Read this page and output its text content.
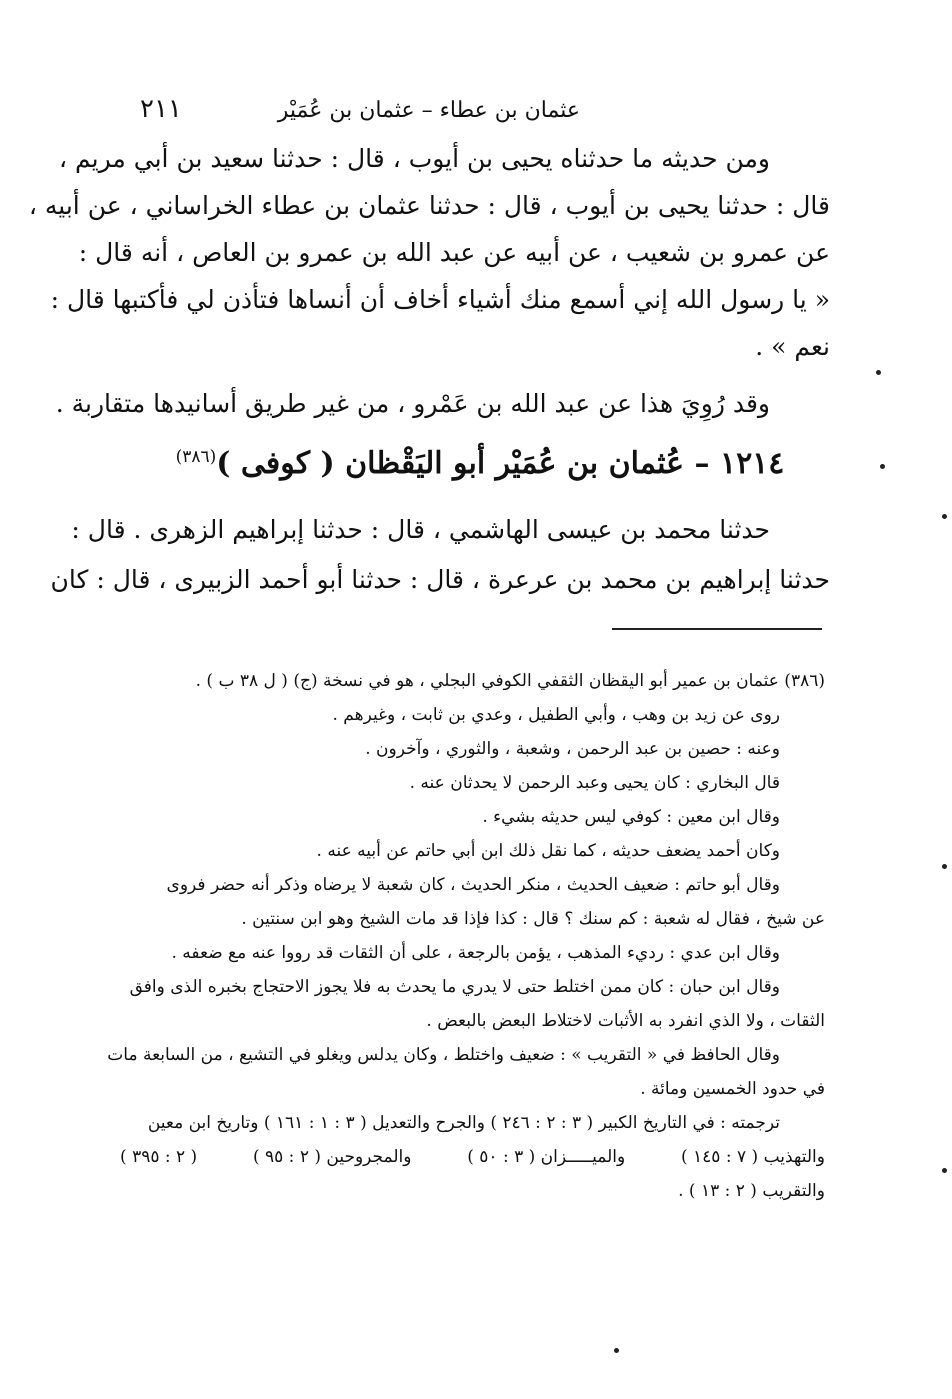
عثمان بن عطاء – عثمان بن عُمَيْر
٢١١
ومن حديثه ما حدثناه يحيى بن أيوب ، قال : حدثنا سعيد بن أبي مريم ،
قال : حدثنا يحيى بن أيوب ، قال : حدثنا عثمان بن عطاء الخراساني ، عن أبيه ،
عن عمرو بن شعيب ، عن أبيه عن عبد الله بن عمرو بن العاص ، أنه قال :
« يا رسول الله إني أسمع منك أشياء أخاف أن أنساها فتأذن لي فأكتبها قال :
نعم » .
وقد رُوِيَ هذا عن عبد الله بن عَمْرو ، من غير طريق أسانيدها متقاربة .
١٢١٤ – عُثمان بن عُمَيْر أبو اليَقْظان ( كوفى )$^{(٣٨٦)}$
حدثنا محمد بن عيسى الهاشمي ، قال : حدثنا إبراهيم الزهرى . قال :
حدثنا إبراهيم بن محمد بن عرعرة ، قال : حدثنا أبو أحمد الزبيرى ، قال : كان
(٣٨٦) عثمان بن عمير أبو اليقظان الثقفي الكوفي البجلي ، هو في نسخة (ج) ( ل ٣٨ ب ) .
روى عن زيد بن وهب ، وأبي الطفيل ، وعدي بن ثابت ، وغيرهم .
وعنه : حصين بن عبد الرحمن ، وشعبة ، والثوري ، وآخرون .
قال البخاري : كان يحيى وعبد الرحمن لا يحدثان عنه .
وقال ابن معين : كوفي ليس حديثه بشيء .
وكان أحمد يضعف حديثه ، كما نقل ذلك ابن أبي حاتم عن أبيه عنه .
وقال أبو حاتم : ضعيف الحديث ، منكر الحديث ، كان شعبة لا يرضاه وذكر أنه حضر فروى
عن شيخ ، فقال له شعبة : كم سنك ؟ قال : كذا فإذا قد مات الشيخ وهو ابن سنتين .
وقال ابن عدي : رديء المذهب ، يؤمن بالرجعة ، على أن الثقات قد رووا عنه مع ضعفه .
وقال ابن حبان : كان ممن اختلط حتى لا يدري ما يحدث به فلا يجوز الاحتجاج بخبره الذى وافق
الثقات ، ولا الذي انفرد به الأثبات لاختلاط البعض بالبعض .
وقال الحافظ في « التقريب » : ضعيف واختلط ، وكان يدلس ويغلو في التشيع ، من السابعة مات
في حدود الخمسين ومائة .
ترجمته : في التاريخ الكبير ( ٣ : ٢ : ٢٤٦ ) والجرح والتعديل ( ٣ : ١ : ١٦١ ) وتاريخ ابن معين
والتهذيب ( ٧ : ١٤٥ )
والميـــــزان ( ٣ : ٥٠ )
والمجروحين ( ٢ : ٩٥ )
( ٢ : ٣٩٥ )
والتقريب ( ٢ : ١٣ ) .
